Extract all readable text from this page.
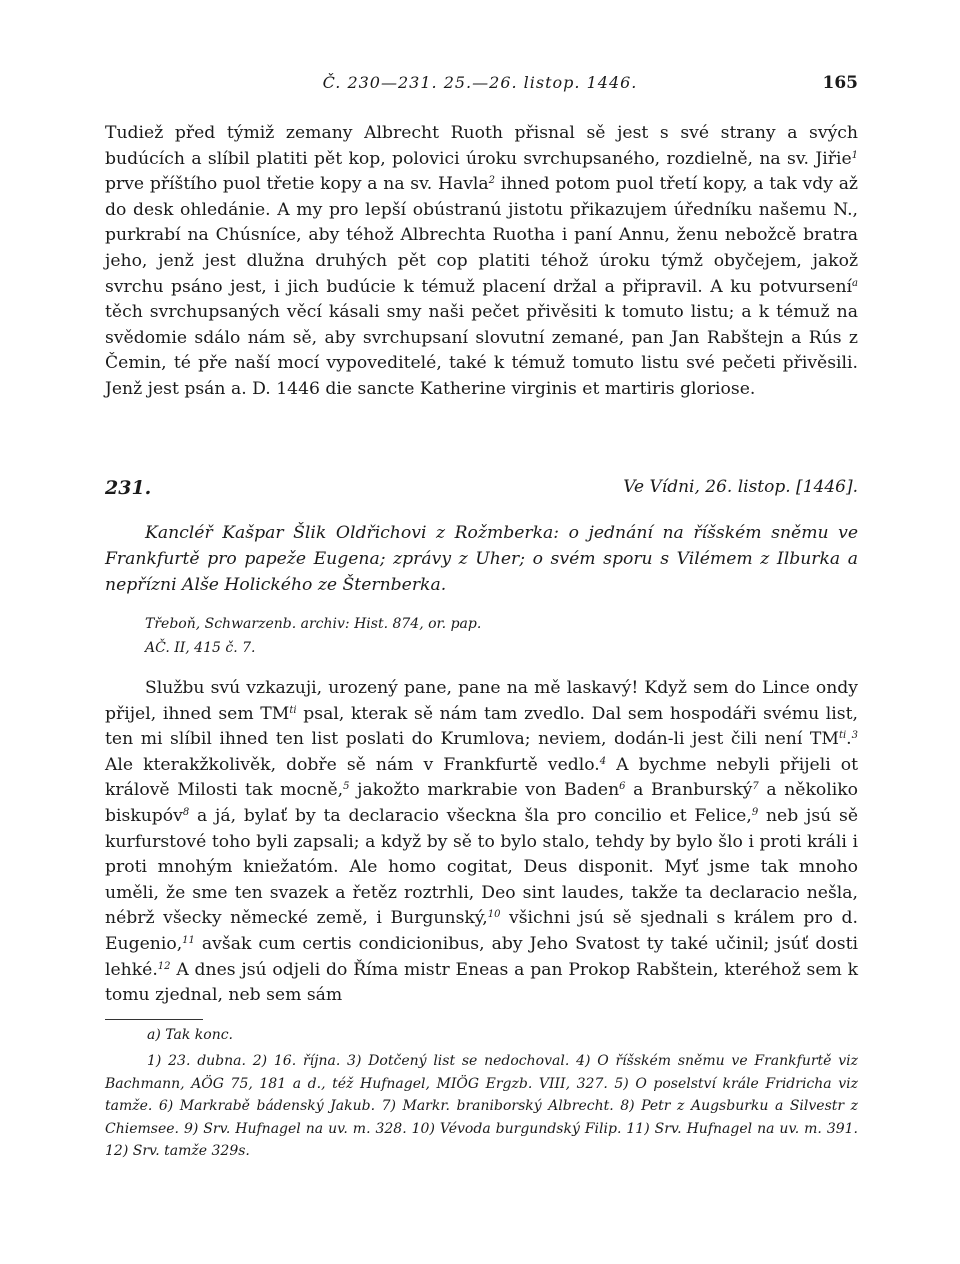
Č. 230—231. 25.—26. listop. 1446.	165

Tudiež před týmiž zemany Albrecht Ruoth přisnal sě jest s své strany a svých budúcích a slíbil platiti pět kop, polovici úroku svrchupsaného, rozdielně, na sv. Jiřie$^1$ prve příštího puol třetie kopy a na sv. Havla$^2$ ihned potom puol třetí kopy, a tak vdy až do desk ohledánie. A my pro lepší obústranú jistotu přikazujem úředníku našemu N., purkrabí na Chúsníce, aby téhož Albrechta Ruotha i paní Annu, ženu nebožcě bratra jeho, jenž jest dlužna druhých pět cop platiti téhož úroku týmž obyčejem, jakož svrchu psáno jest, i jich budúcie k témuž placení držal a připravil. A ku potvursení$^a$ těch svrchupsaných věcí kásali smy naši pečet přivěsiti k tomuto listu; a k témuž na svědomie sdálo nám sě, aby svrchupsaní slovutní zemané, pan Jan Rabštejn a Rús z Čemin, té pře naší mocí vypoveditelé, také k témuž tomuto listu své pečeti přivěsili. Jenž jest psán a. D. 1446 die sancte Katherine virginis et martiris gloriose.

231.	Ve Vídni, 26. listop. [1446].

Kancléř Kašpar Šlik Oldřichovi z Rožmberka: o jednání na říšském sněmu ve Frankfurtě pro papeže Eugena; zprávy z Uher; o svém sporu s Vilémem z Ilburka a nepřízni Alše Holického ze Šternberka.

Třeboň, Schwarzenb. archiv: Hist. 874, or. pap.
AČ. II, 415 č. 7.

Službu svú vzkazuji, urozený pane, pane na mě laskavý! Když sem do Lince ondy přijel, ihned sem $TM^{ti}$ psal, kterak sě nám tam zvedlo. Dal sem hospodáři svému list, ten mi slíbil ihned ten list poslati do Krumlova; neviem, dodán-li jest čili není $TM^{ti}.^3$ Ale kterakžkolivěk, dobře sě nám v Frankfurtě vedlo.$^4$ A bychme nebyli přijeli ot králově Milosti tak mocně,$^5$ jakožto markrabie von Baden$^6$ a Branburský$^7$ a několiko biskupóv$^8$ a já, bylať by ta declaracio všeckna šla pro concilio et Felice,$^9$ neb jsú sě kurfurstové toho byli zapsali; a když by sě to bylo stalo, tehdy by bylo šlo i proti králi i proti mnohým kniežatóm. Ale homo cogitat, Deus disponit. Myť jsme tak mnoho uměli, že sme ten svazek a řetěz roztrhli, Deo sint laudes, takže ta declaracio nešla, nébrž všecky německé země, i Burgunský,$^{10}$ všichni jsú sě sjednali s králem pro d. Eugenio,$^{11}$ avšak cum certis condicionibus, aby Jeho Svatost ty také učinil; jsúť dosti lehké.$^{12}$ A dnes jsú odjeli do Říma mistr Eneas a pan Prokop Rabštein, kteréhož sem k tomu zjednal, neb sem sám

a) Tak konc.

1) 23. dubna. 2) 16. října. 3) Dotčený list se nedochoval. 4) O říšském sněmu ve Frankfurtě viz Bachmann, AÖG 75, 181 a d., též Hufnagel, MIÖG Ergzb. VIII, 327. 5) O poselství krále Fridricha viz tamže. 6) Markrabě bádenský Jakub. 7) Markr. braniborský Albrecht. 8) Petr z Augsburku a Silvestr z Chiemsee. 9) Srv. Hufnagel na uv. m. 328. 10) Vévoda burgundský Filip. 11) Srv. Hufnagel na uv. m. 391. 12) Srv. tamže 329s.
